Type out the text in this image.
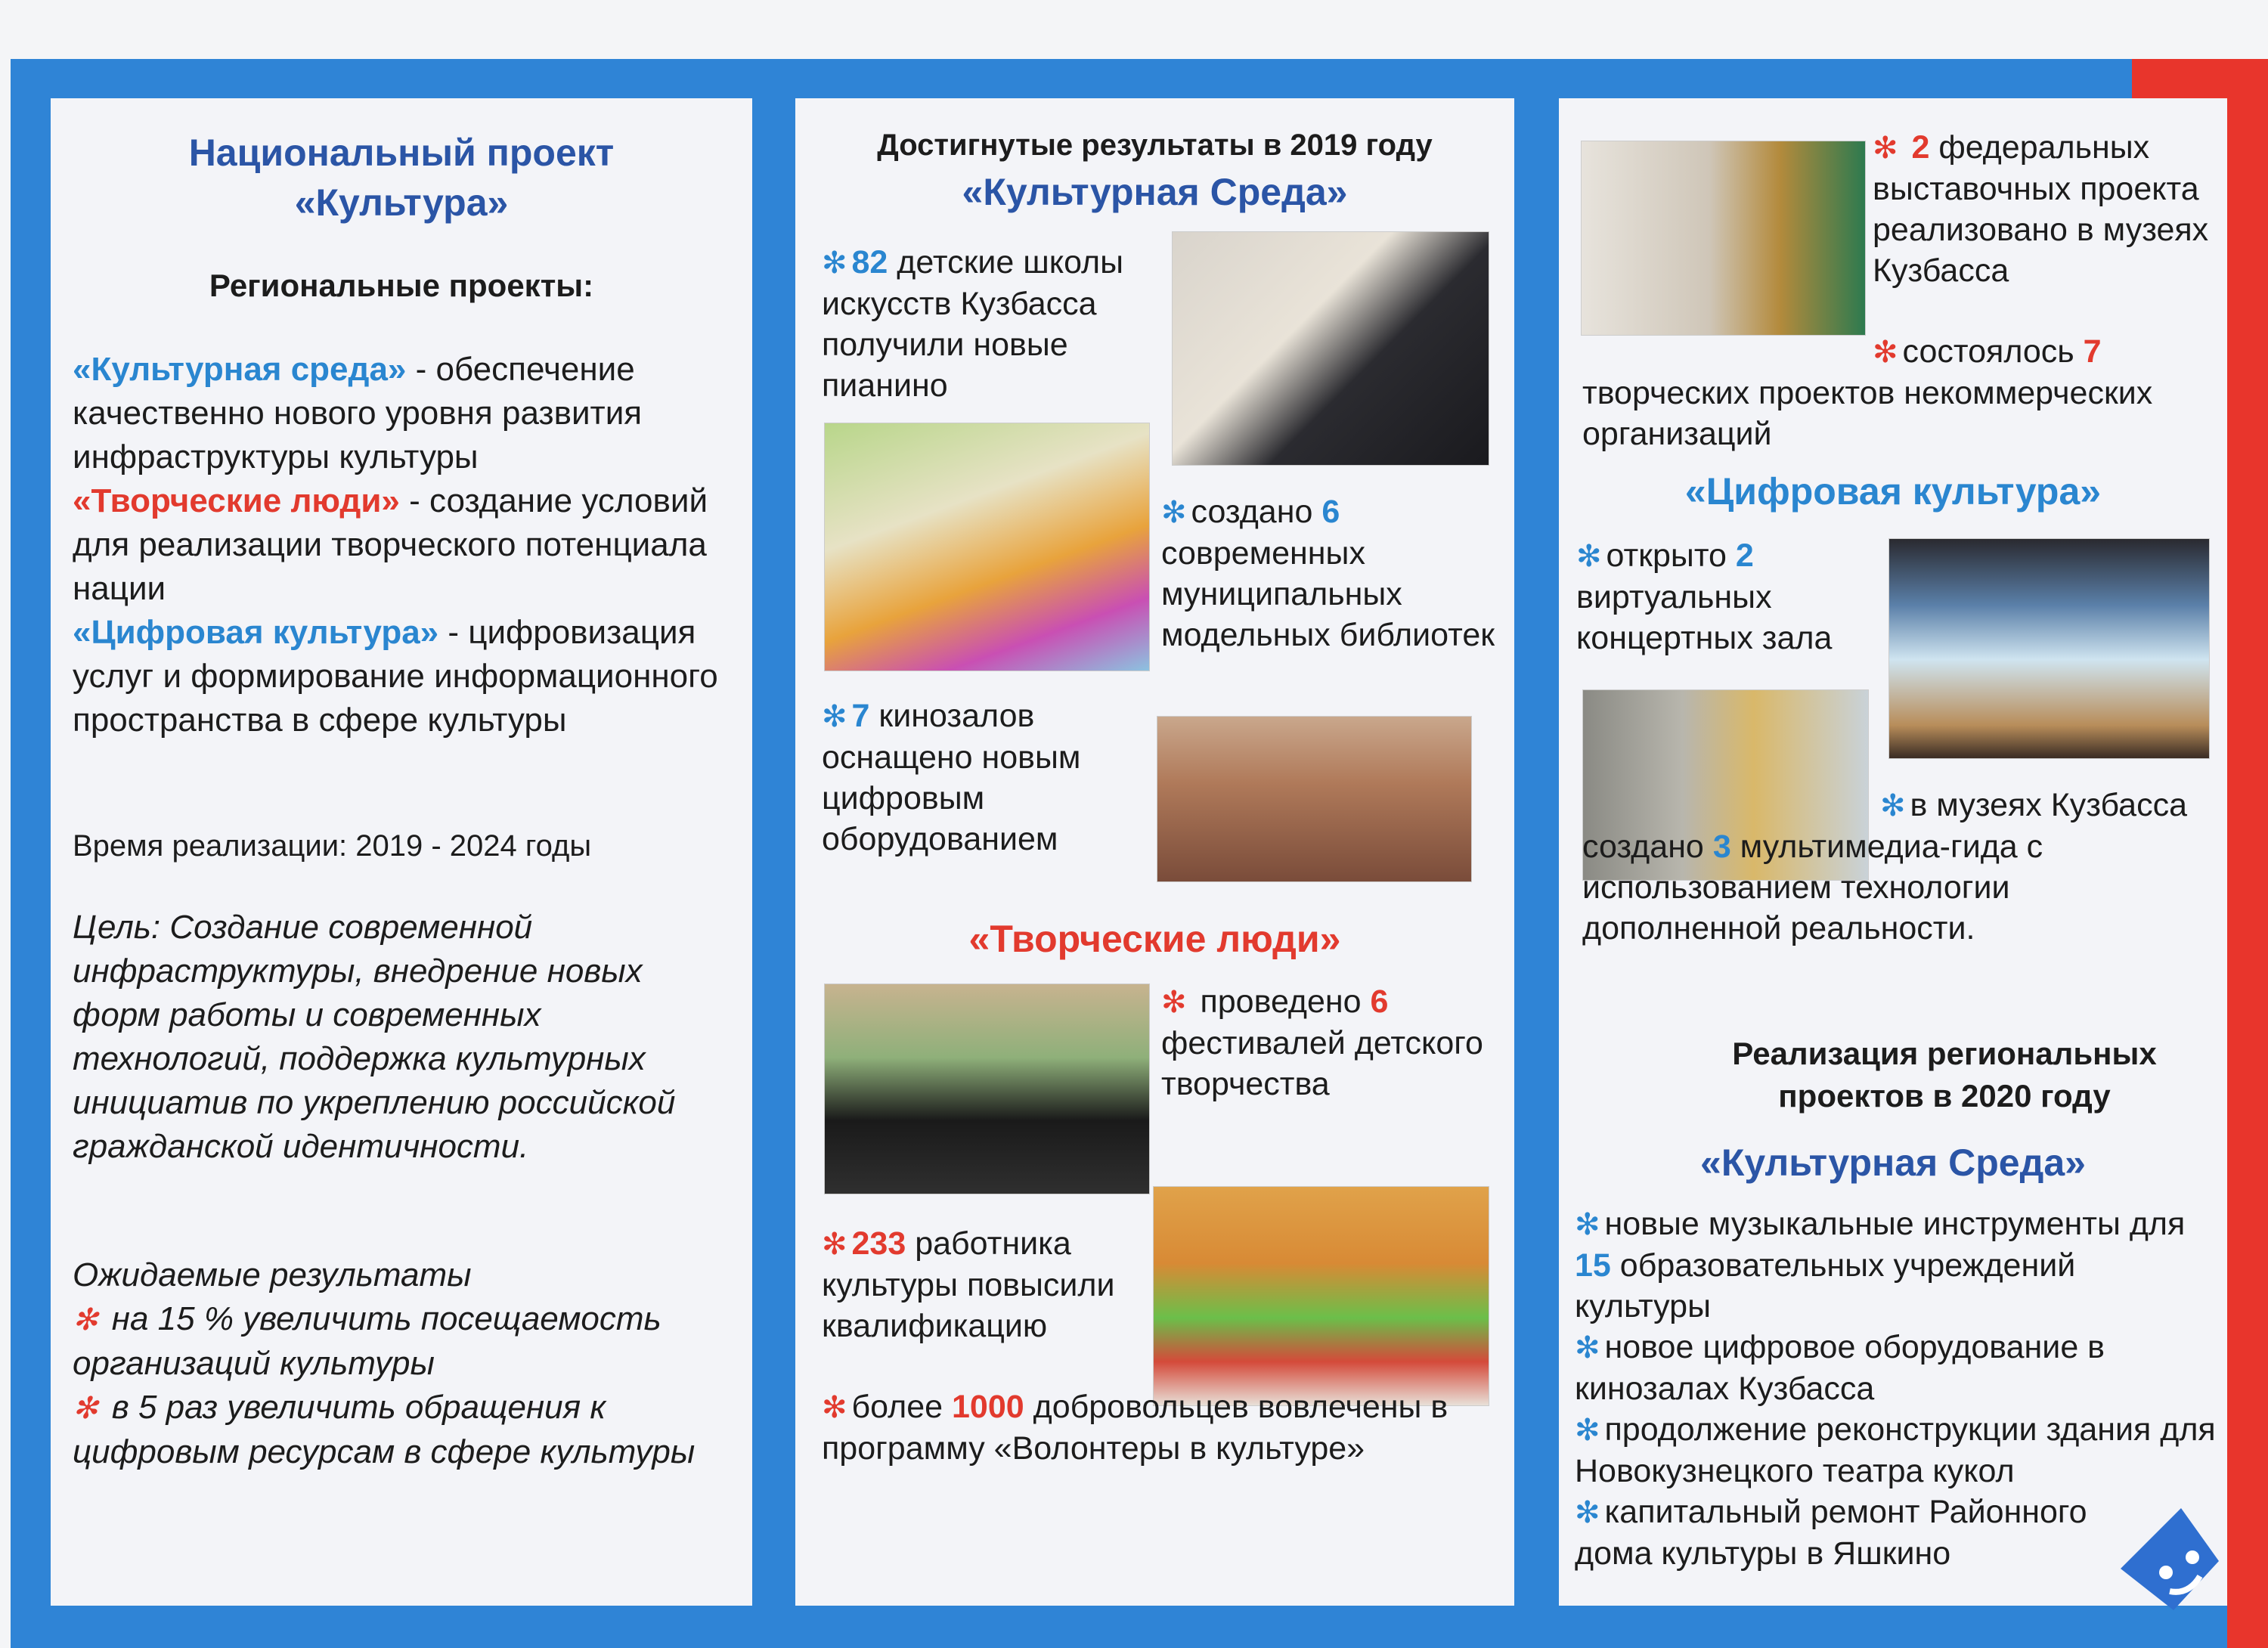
Национальный проект
«Культура»
Региональные проекты:
«Культурная среда» - обеспечение качественно нового уровня развития инфраструктуры культуры
«Творческие люди» - создание условий для реализации творческого потенциала нации
«Цифровая культура» - цифровизация услуг и формирование информационного пространства в сфере культуры
Время реализации: 2019 - 2024 годы
Цель: Создание современной инфраструктуры, внедрение новых форм работы и современных технологий, поддержка культурных инициатив по укреплению российской гражданской идентичности.
Ожидаемые результаты
✻ на 15 % увеличить посещаемость организаций культуры
✻ в 5 раз увеличить обращения к цифровым ресурсам в сфере культуры
Достигнутые результаты в 2019 году
«Культурная Среда»
✻ 82 детские школы искусств Кузбасса получили новые пианино
✻ создано 6 современных муниципальных модельных библиотек
✻ 7 кинозалов оснащено новым цифровым оборудованием
«Творческие люди»
✻ проведено 6 фестивалей детского творчества
✻ 233 работника культуры повысили квалификацию
✻ более 1000 добровольцев вовлечены в программу «Волонтеры в культуре»
✻ 2 федеральных выставочных проекта реализовано в музеях Кузбасса
✻ состоялось 7 творческих проектов некоммерческих организаций
«Цифровая культура»
✻ открыто 2 виртуальных концертных зала
✻ в музеях Кузбасса создано 3 мультимедиа-гида с использованием технологии дополненной реальности.
Реализация региональных проектов в 2020 году
«Культурная Среда»
✻ новые музыкальные инструменты для 15 образовательных учреждений культуры
✻ новое цифровое оборудование в кинозалах Кузбасса
✻ продолжение реконструкции здания для Новокузнецкого театра кукол
✻ капитальный ремонт Районного дома культуры в Яшкино
